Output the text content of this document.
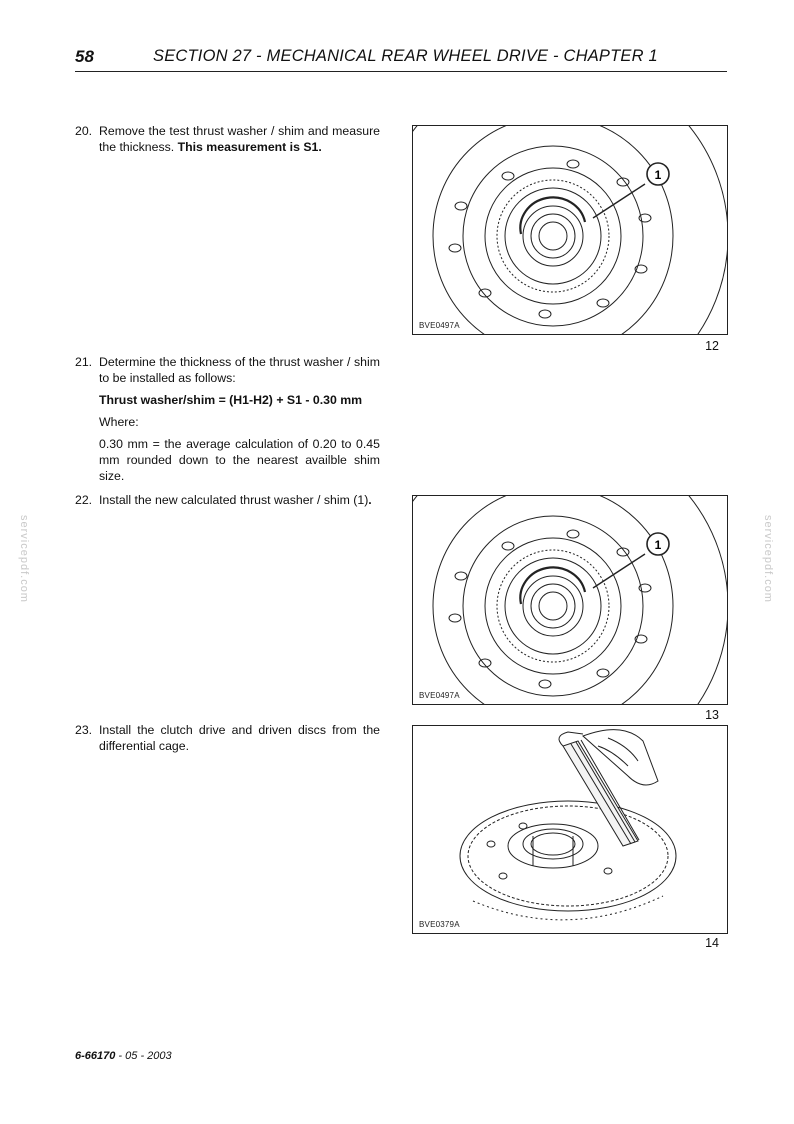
58	SECTION 27 - MECHANICAL REAR WHEEL DRIVE - CHAPTER 1
20. Remove the test thrust washer / shim and measure the thickness. This measurement is S1.
21. Determine the thickness of the thrust washer / shim to be installed as follows:

Thrust washer/shim = (H1-H2) + S1 - 0.30 mm

Where:

0.30 mm = the average calculation of 0.20 to 0.45 mm rounded down to the nearest availble shim size.

22. Install the new calculated thrust washer / shim (1).
23. Install the clutch drive and driven discs from the differential cage.
1
BVE0497A
12
1
BVE0497A
13
BVE0379A
14
servicepdf.com	servicepdf.com
6-66170 - 05 - 2003
